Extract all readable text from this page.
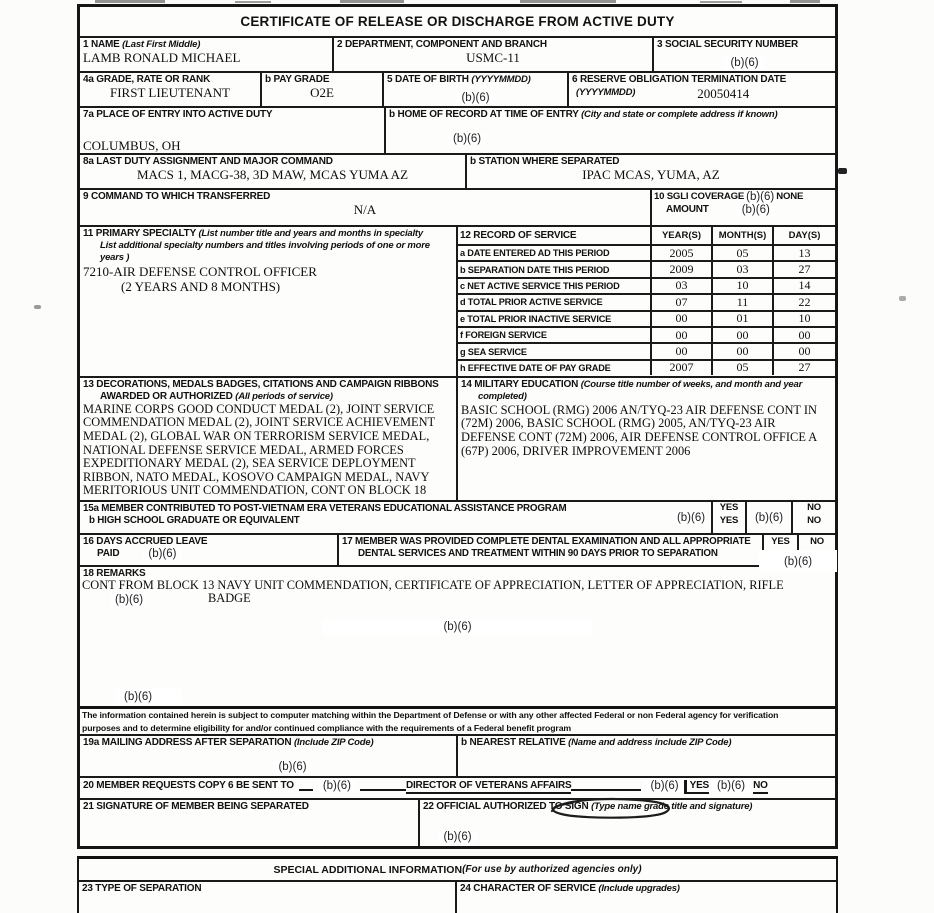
CERTIFICATE OF RELEASE OR DISCHARGE FROM ACTIVE DUTY
1 NAME (Last First Middle)
LAMB RONALD MICHAEL
2 DEPARTMENT, COMPONENT AND BRANCH
USMC-11
3 SOCIAL SECURITY NUMBER
(b)(6)
4a GRADE, RATE OR RANK
FIRST LIEUTENANT
b PAY GRADE
O2E
5 DATE OF BIRTH (YYYYMMDD)
(b)(6)
6 RESERVE OBLIGATION TERMINATION DATE
(YYYYMMDD)	20050414
7a PLACE OF ENTRY INTO ACTIVE DUTY
COLUMBUS, OH
b HOME OF RECORD AT TIME OF ENTRY (City and state or complete address if known)
(b)(6)
8a LAST DUTY ASSIGNMENT AND MAJOR COMMAND
MACS 1, MACG-38, 3D MAW, MCAS YUMA AZ
b STATION WHERE SEPARATED
IPAC MCAS, YUMA, AZ
9 COMMAND TO WHICH TRANSFERRED
N/A
10 SGLI COVERAGE (b)(6) NONE
AMOUNT	(b)(6)
11 PRIMARY SPECIALTY (List number title and years and months in specialty List additional specialty numbers and titles involving periods of one or more years )
7210-AIR DEFENSE CONTROL OFFICER
(2 YEARS AND 8 MONTHS)
12 RECORD OF SERVICE	YEAR(S)	MONTH(S)	DAY(S)
a DATE ENTERED AD THIS PERIOD	2005	05	13
b SEPARATION DATE THIS PERIOD	2009	03	27
c NET ACTIVE SERVICE THIS PERIOD	03	10	14
d TOTAL PRIOR ACTIVE SERVICE	07	11	22
e TOTAL PRIOR INACTIVE SERVICE	00	01	10
f FOREIGN SERVICE	00	00	00
g SEA SERVICE	00	00	00
h EFFECTIVE DATE OF PAY GRADE	2007	05	27
13 DECORATIONS, MEDALS BADGES, CITATIONS AND CAMPAIGN RIBBONS AWARDED OR AUTHORIZED (All periods of service)
MARINE CORPS GOOD CONDUCT MEDAL (2), JOINT SERVICE COMMENDATION MEDAL (2), JOINT SERVICE ACHIEVEMENT MEDAL (2), GLOBAL WAR ON TERRORISM SERVICE MEDAL, NATIONAL DEFENSE SERVICE MEDAL, ARMED FORCES EXPEDITIONARY MEDAL (2), SEA SERVICE DEPLOYMENT RIBBON, NATO MEDAL, KOSOVO CAMPAIGN MEDAL, NAVY MERITORIOUS UNIT COMMENDATION, CONT ON BLOCK 18
14 MILITARY EDUCATION (Course title number of weeks, and month and year completed)
BASIC SCHOOL (RMG) 2006 AN/TYQ-23 AIR DEFENSE CONT IN (72M) 2006, BASIC SCHOOL (RMG) 2005, AN/TYQ-23 AIR DEFENSE CONT (72M) 2006, AIR DEFENSE CONTROL OFFICE A (67P) 2006, DRIVER IMPROVEMENT 2006
15a MEMBER CONTRIBUTED TO POST-VIETNAM ERA VETERANS EDUCATIONAL ASSISTANCE PROGRAM
b HIGH SCHOOL GRADUATE OR EQUIVALENT	(b)(6)
YES
YES	(b)(6)
NO
NO
16 DAYS ACCRUED LEAVE
PAID	(b)(6)
17 MEMBER WAS PROVIDED COMPLETE DENTAL EXAMINATION AND ALL APPROPRIATE
DENTAL SERVICES AND TREATMENT WITHIN 90 DAYS PRIOR TO SEPARATION
YES	NO
(b)(6)
18 REMARKS
CONT FROM BLOCK 13 NAVY UNIT COMMENDATION, CERTIFICATE OF APPRECIATION, LETTER OF APPRECIATION, RIFLE
(b)(6)	BADGE
(b)(6)
(b)(6)
The information contained herein is subject to computer matching within the Department of Defense or with any other affected Federal or non Federal agency for verification
purposes and to determine eligibility for and/or continued compliance with the requirements of a Federal benefit program
19a MAILING ADDRESS AFTER SEPARATION (Include ZIP Code)	b NEAREST RELATIVE (Name and address include ZIP Code)
(b)(6)
20 MEMBER REQUESTS COPY 6 BE SENT TO	(b)(6)	DIRECTOR OF VETERANS AFFAIRS	(b)(6)	YES (b)(6) NO
21 SIGNATURE OF MEMBER BEING SEPARATED	22 OFFICIAL AUTHORIZED TO SIGN (Type name grade title and signature)
(b)(6)
SPECIAL ADDITIONAL INFORMATION (For use by authorized agencies only)
23 TYPE OF SEPARATION	24 CHARACTER OF SERVICE (Include upgrades)
